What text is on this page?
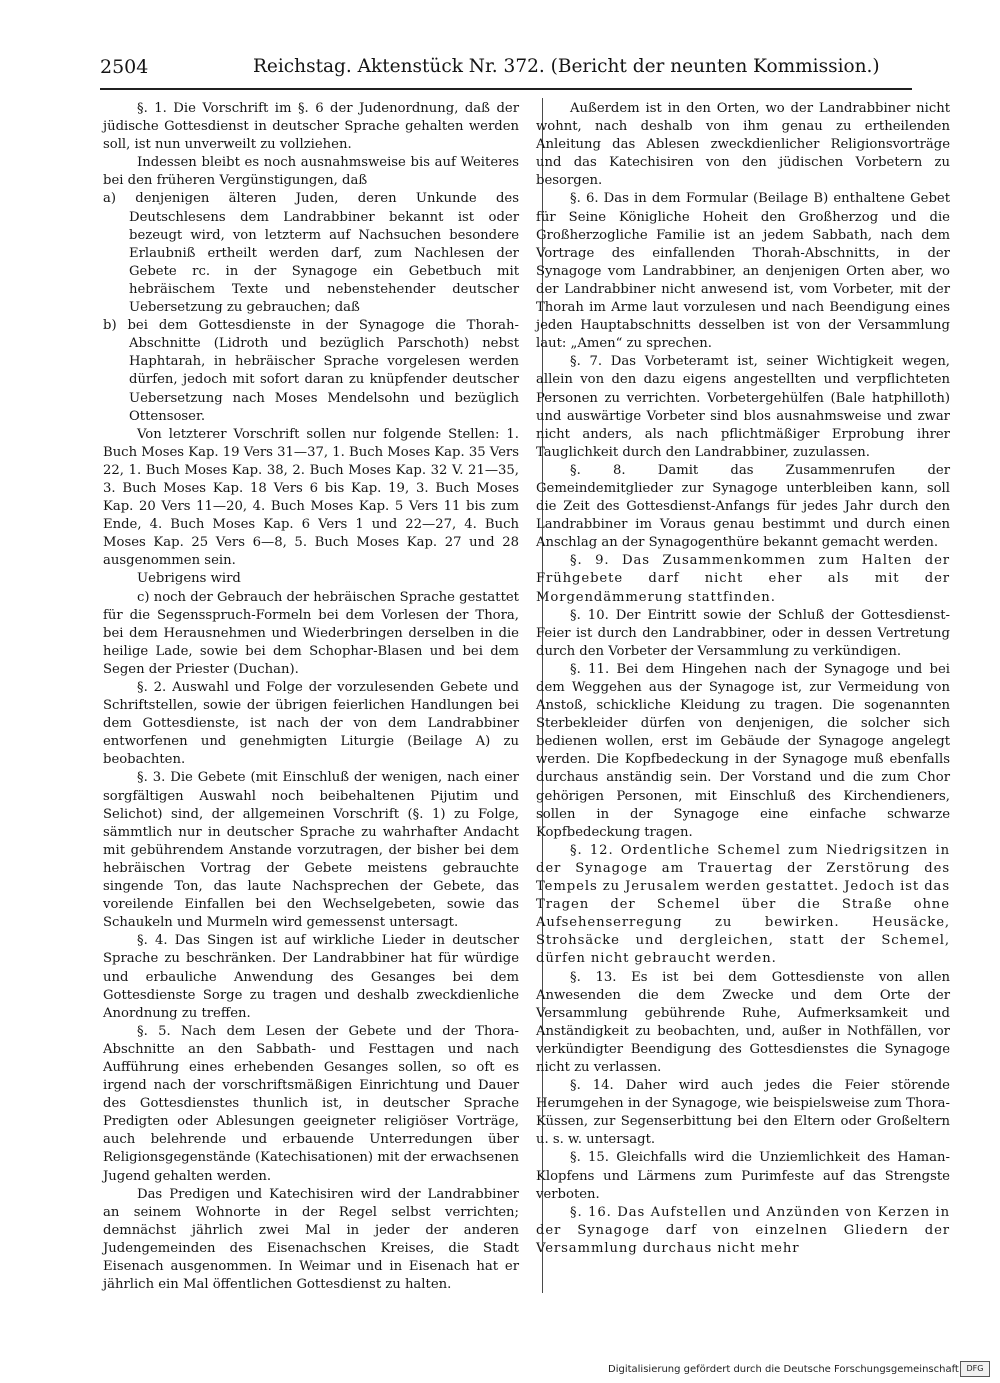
2504	Reichstag. Aktenstück Nr. 372. (Bericht der neunten Kommission.)

§. 1. Die Vorschrift im §. 6 der Judenordnung, daß der jüdische Gottesdienst in deutscher Sprache gehalten werden soll, ist nun unverweilt zu vollziehen.

Indessen bleibt es noch ausnahmsweise bis auf Weiteres bei den früheren Vergünstigungen, daß

a) denjenigen älteren Juden, deren Unkunde des Deutschlesens dem Landrabbiner bekannt ist oder bezeugt wird, von letzterm auf Nachsuchen besondere Erlaubniß ertheilt werden darf, zum Nachlesen der Gebete rc. in der Synagoge ein Gebetbuch mit hebräischem Texte und nebenstehender deutscher Uebersetzung zu gebrauchen; daß

b) bei dem Gottesdienste in der Synagoge die Thorah-Abschnitte (Lidroth und bezüglich Parschoth) nebst Haphtarah, in hebräischer Sprache vorgelesen werden dürfen, jedoch mit sofort daran zu knüpfender deutscher Uebersetzung nach Moses Mendelsohn und bezüglich Ottensoser.

Von letzterer Vorschrift sollen nur folgende Stellen: 1. Buch Moses Kap. 19 Vers 31—37, 1. Buch Moses Kap. 35 Vers 22, 1. Buch Moses Kap. 38, 2. Buch Moses Kap. 32 V. 21—35, 3. Buch Moses Kap. 18 Vers 6 bis Kap. 19, 3. Buch Moses Kap. 20 Vers 11—20, 4. Buch Moses Kap. 5 Vers 11 bis zum Ende, 4. Buch Moses Kap. 6 Vers 1 und 22—27, 4. Buch Moses Kap. 25 Vers 6—8, 5. Buch Moses Kap. 27 und 28 ausgenommen sein.

Uebrigens wird

c) noch der Gebrauch der hebräischen Sprache gestattet für die Segensspruch-Formeln bei dem Vorlesen der Thora, bei dem Herausnehmen und Wiederbringen derselben in die heilige Lade, sowie bei dem Schophar-Blasen und bei dem Segen der Priester (Duchan).

§. 2. Auswahl und Folge der vorzulesenden Gebete und Schriftstellen, sowie der übrigen feierlichen Handlungen bei dem Gottesdienste, ist nach der von dem Landrabbiner entworfenen und genehmigten Liturgie (Beilage A) zu beobachten.

§. 3. Die Gebete (mit Einschluß der wenigen, nach einer sorgfältigen Auswahl noch beibehaltenen Pijutim und Selichot) sind, der allgemeinen Vorschrift (§. 1) zu Folge, sämmtlich nur in deutscher Sprache zu wahrhafter Andacht mit gebührendem Anstande vorzutragen, der bisher bei dem hebräischen Vortrag der Gebete meistens gebrauchte singende Ton, das laute Nachsprechen der Gebete, das voreilende Einfallen bei den Wechselgebeten, sowie das Schaukeln und Murmeln wird gemessenst untersagt.

§. 4. Das Singen ist auf wirkliche Lieder in deutscher Sprache zu beschränken. Der Landrabbiner hat für würdige und erbauliche Anwendung des Gesanges bei dem Gottesdienste Sorge zu tragen und deshalb zweckdienliche Anordnung zu treffen.

§. 5. Nach dem Lesen der Gebete und der Thora-Abschnitte an den Sabbath- und Festtagen und nach Aufführung eines erhebenden Gesanges sollen, so oft es irgend nach der vorschriftsmäßigen Einrichtung und Dauer des Gottesdienstes thunlich ist, in deutscher Sprache Predigten oder Ablesungen geeigneter religiöser Vorträge, auch belehrende und erbauende Unterredungen über Religionsgegenstände (Katechisationen) mit der erwachsenen Jugend gehalten werden.

Das Predigen und Katechisiren wird der Landrabbiner an seinem Wohnorte in der Regel selbst verrichten; demnächst jährlich zwei Mal in jeder der anderen Judengemeinden des Eisenachschen Kreises, die Stadt Eisenach ausgenommen. In Weimar und in Eisenach hat er jährlich ein Mal öffentlichen Gottesdienst zu halten.

Außerdem ist in den Orten, wo der Landrabbiner nicht wohnt, nach deshalb von ihm genau zu ertheilenden Anleitung das Ablesen zweckdienlicher Religionsvorträge und das Katechisiren von den jüdischen Vorbetern zu besorgen.

§. 6. Das in dem Formular (Beilage B) enthaltene Gebet für Seine Königliche Hoheit den Großherzog und die Großherzogliche Familie ist an jedem Sabbath, nach dem Vortrage des einfallenden Thorah-Abschnitts, in der Synagoge vom Landrabbiner, an denjenigen Orten aber, wo der Landrabbiner nicht anwesend ist, vom Vorbeter, mit der Thorah im Arme laut vorzulesen und nach Beendigung eines jeden Hauptabschnitts desselben ist von der Versammlung laut: „Amen“ zu sprechen.

§. 7. Das Vorbeteramt ist, seiner Wichtigkeit wegen, allein von den dazu eigens angestellten und verpflichteten Personen zu verrichten. Vorbetergehülfen (Bale hatphilloth) und auswärtige Vorbeter sind blos ausnahmsweise und zwar nicht anders, als nach pflichtmäßiger Erprobung ihrer Tauglichkeit durch den Landrabbiner, zuzulassen.

§. 8. Damit das Zusammenrufen der Gemeindemitglieder zur Synagoge unterbleiben kann, soll die Zeit des Gottesdienst-Anfangs für jedes Jahr durch den Landrabbiner im Voraus genau bestimmt und durch einen Anschlag an der Synagogenthüre bekannt gemacht werden.

§. 9. Das Zusammenkommen zum Halten der Frühgebete darf nicht eher als mit der Morgendämmerung stattfinden.

§. 10. Der Eintritt sowie der Schluß der Gottesdienst-Feier ist durch den Landrabbiner, oder in dessen Vertretung durch den Vorbeter der Versammlung zu verkündigen.

§. 11. Bei dem Hingehen nach der Synagoge und bei dem Weggehen aus der Synagoge ist, zur Vermeidung von Anstoß, schickliche Kleidung zu tragen. Die sogenannten Sterbekleider dürfen von denjenigen, die solcher sich bedienen wollen, erst im Gebäude der Synagoge angelegt werden. Die Kopfbedeckung in der Synagoge muß ebenfalls durchaus anständig sein. Der Vorstand und die zum Chor gehörigen Personen, mit Einschluß des Kirchendieners, sollen in der Synagoge eine einfache schwarze Kopfbedeckung tragen.

§. 12. Ordentliche Schemel zum Niedrigsitzen in der Synagoge am Trauertag der Zerstörung des Tempels zu Jerusalem werden gestattet. Jedoch ist das Tragen der Schemel über die Straße ohne Aufsehenserregung zu bewirken. Heusäcke, Strohsäcke und dergleichen, statt der Schemel, dürfen nicht gebraucht werden.

§. 13. Es ist bei dem Gottesdienste von allen Anwesenden die dem Zwecke und dem Orte der Versammlung gebührende Ruhe, Aufmerksamkeit und Anständigkeit zu beobachten, und, außer in Nothfällen, vor verkündigter Beendigung des Gottesdienstes die Synagoge nicht zu verlassen.

§. 14. Daher wird auch jedes die Feier störende Herumgehen in der Synagoge, wie beispielsweise zum Thora-Küssen, zur Segenserbittung bei den Eltern oder Großeltern u. s. w. untersagt.

§. 15. Gleichfalls wird die Unziemlichkeit des Haman-Klopfens und Lärmens zum Purimfeste auf das Strengste verboten.

§. 16. Das Aufstellen und Anzünden von Kerzen in der Synagoge darf von einzelnen Gliedern der Versammlung durchaus nicht mehr

Digitalisierung gefördert durch die Deutsche Forschungsgemeinschaft DFG
